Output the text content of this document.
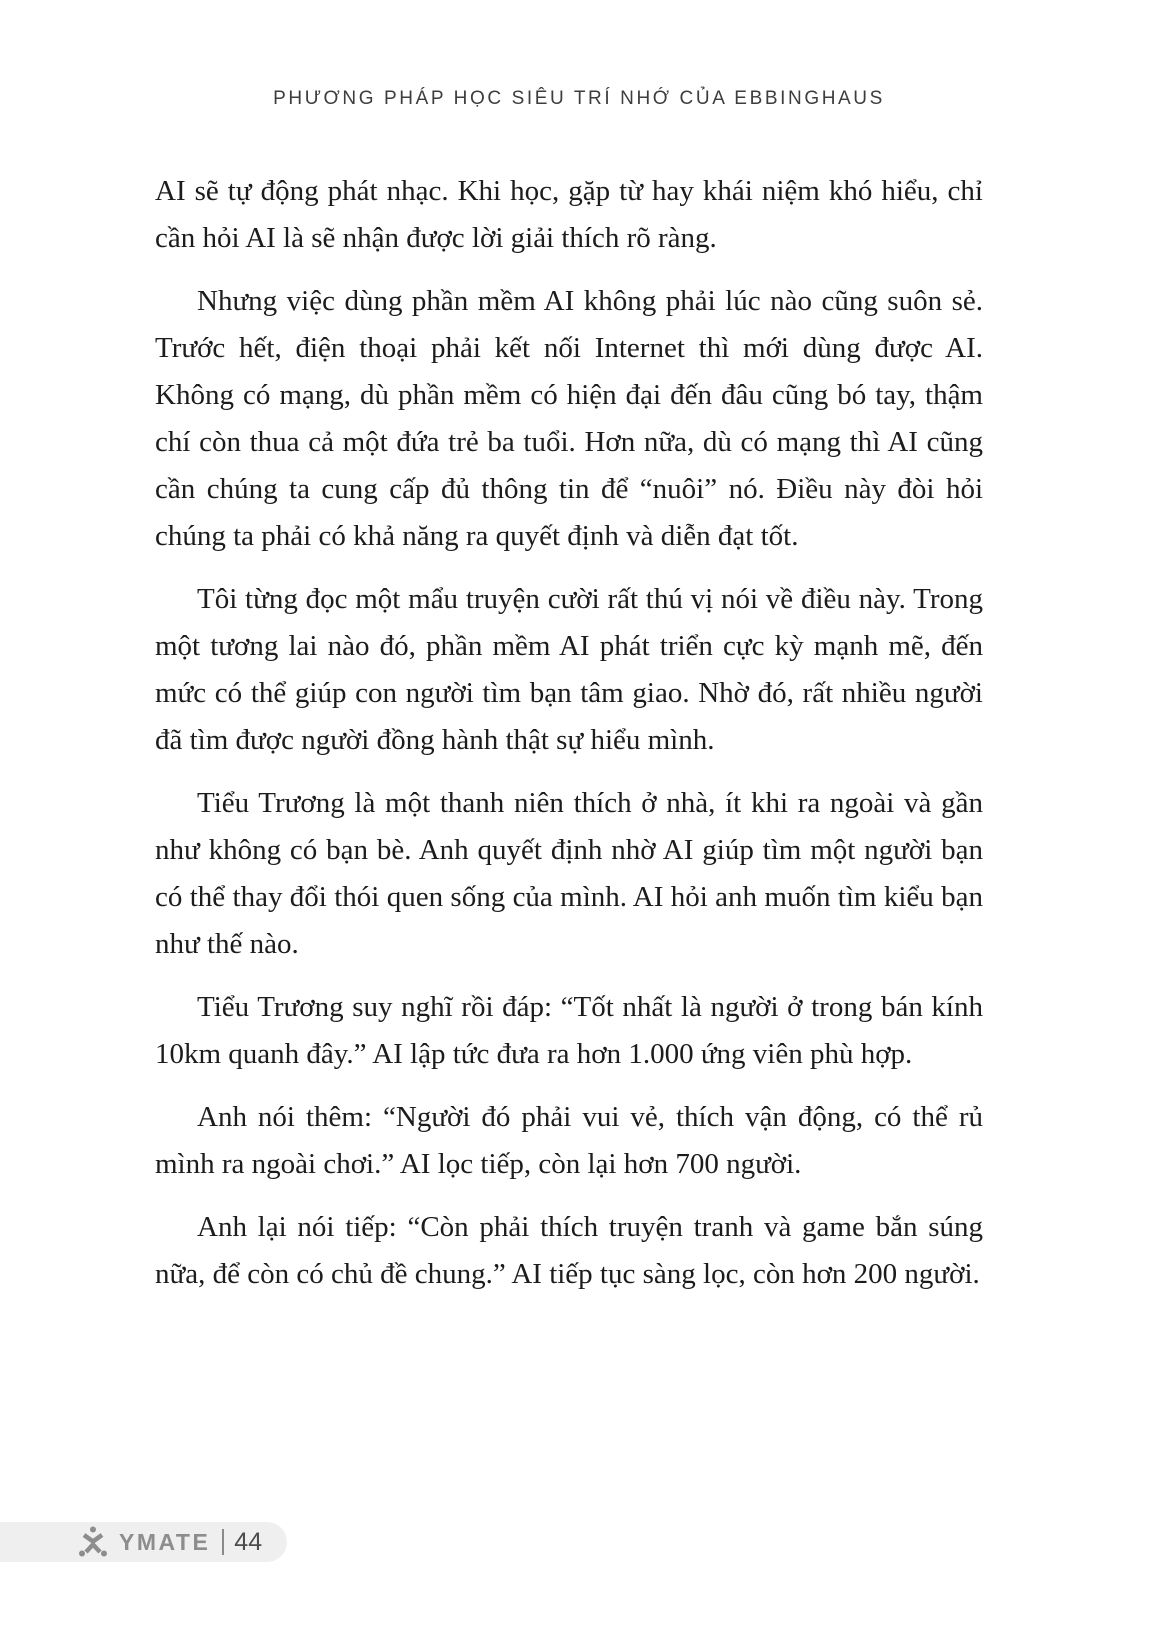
PHƯƠNG PHÁP HỌC SIÊU TRÍ NHỚ CỦA EBBINGHAUS

AI sẽ tự động phát nhạc. Khi học, gặp từ hay khái niệm khó hiểu, chỉ cần hỏi AI là sẽ nhận được lời giải thích rõ ràng.

Nhưng việc dùng phần mềm AI không phải lúc nào cũng suôn sẻ. Trước hết, điện thoại phải kết nối Internet thì mới dùng được AI. Không có mạng, dù phần mềm có hiện đại đến đâu cũng bó tay, thậm chí còn thua cả một đứa trẻ ba tuổi. Hơn nữa, dù có mạng thì AI cũng cần chúng ta cung cấp đủ thông tin để “nuôi” nó. Điều này đòi hỏi chúng ta phải có khả năng ra quyết định và diễn đạt tốt.

Tôi từng đọc một mẩu truyện cười rất thú vị nói về điều này. Trong một tương lai nào đó, phần mềm AI phát triển cực kỳ mạnh mẽ, đến mức có thể giúp con người tìm bạn tâm giao. Nhờ đó, rất nhiều người đã tìm được người đồng hành thật sự hiểu mình.

Tiểu Trương là một thanh niên thích ở nhà, ít khi ra ngoài và gần như không có bạn bè. Anh quyết định nhờ AI giúp tìm một người bạn có thể thay đổi thói quen sống của mình. AI hỏi anh muốn tìm kiểu bạn như thế nào.

Tiểu Trương suy nghĩ rồi đáp: “Tốt nhất là người ở trong bán kính 10km quanh đây.” AI lập tức đưa ra hơn 1.000 ứng viên phù hợp.

Anh nói thêm: “Người đó phải vui vẻ, thích vận động, có thể rủ mình ra ngoài chơi.” AI lọc tiếp, còn lại hơn 700 người.

Anh lại nói tiếp: “Còn phải thích truyện tranh và game bắn súng nữa, để còn có chủ đề chung.” AI tiếp tục sàng lọc, còn hơn 200 người.

YMATE 44
